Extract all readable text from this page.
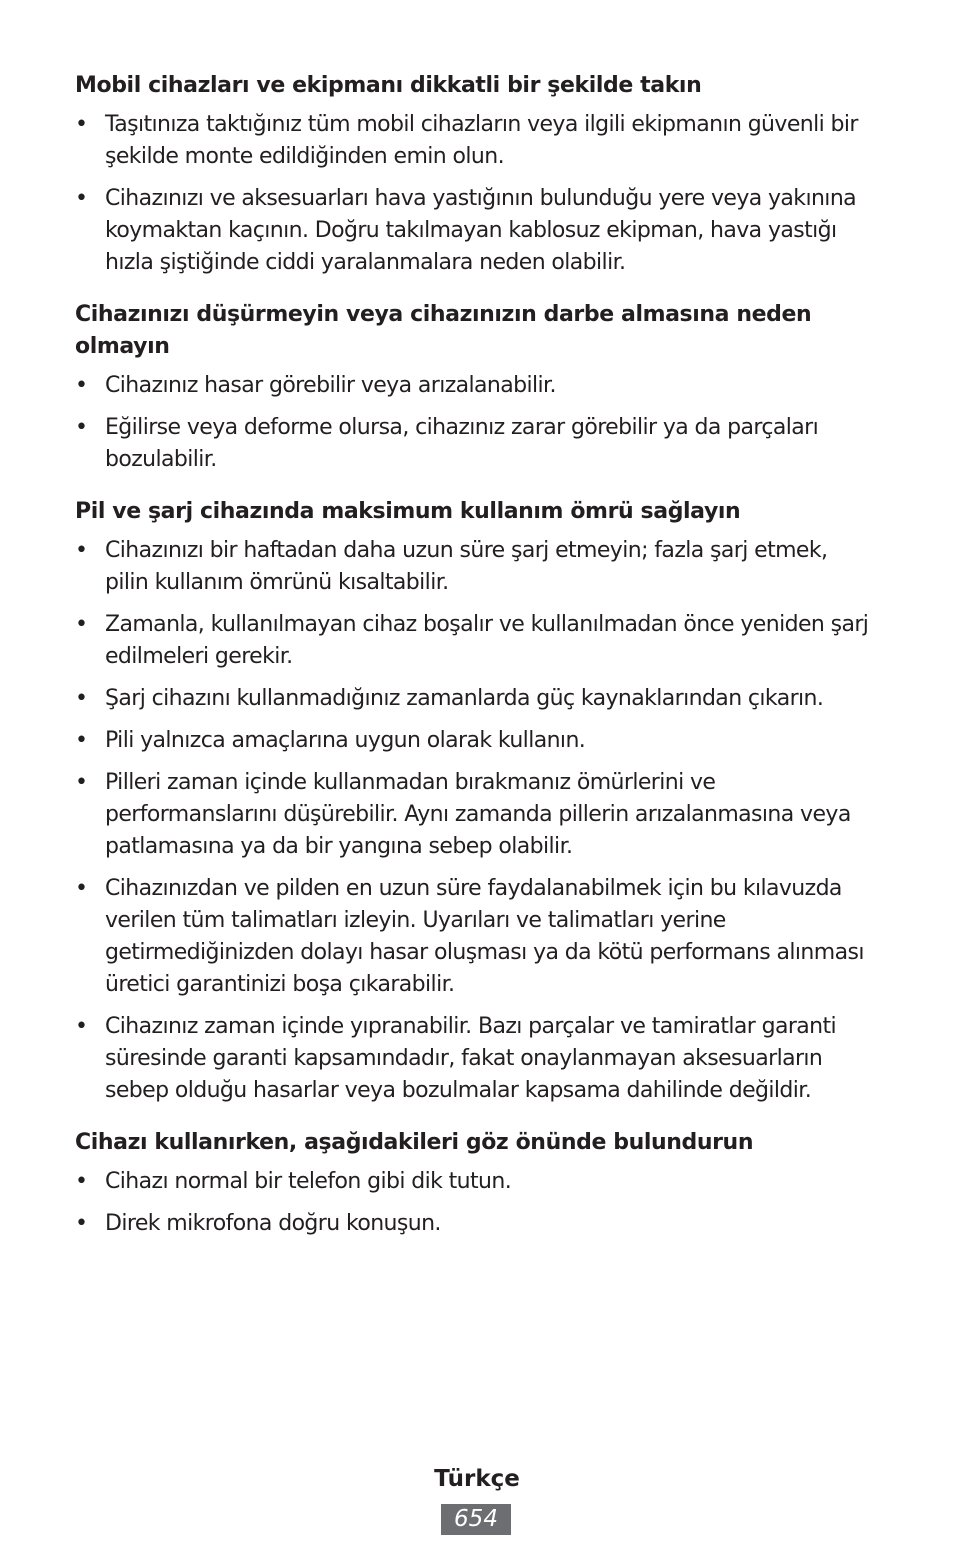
Mobil cihazları ve ekipmanı dikkatli bir şekilde takın
• Taşıtınıza taktığınız tüm mobil cihazların veya ilgili ekipmanın güvenli bir şekilde monte edildiğinden emin olun.
• Cihazınızı ve aksesuarları hava yastığının bulunduğu yere veya yakınına koymaktan kaçının. Doğru takılmayan kablosuz ekipman, hava yastığı hızla şiştiğinde ciddi yaralanmalara neden olabilir.
Cihazınızı düşürmeyin veya cihazınızın darbe almasına neden olmayın
• Cihazınız hasar görebilir veya arızalanabilir.
• Eğilirse veya deforme olursa, cihazınız zarar görebilir ya da parçaları bozulabilir.
Pil ve şarj cihazında maksimum kullanım ömrü sağlayın
• Cihazınızı bir haftadan daha uzun süre şarj etmeyin; fazla şarj etmek, pilin kullanım ömrünü kısaltabilir.
• Zamanla, kullanılmayan cihaz boşalır ve kullanılmadan önce yeniden şarj edilmeleri gerekir.
• Şarj cihazını kullanmadığınız zamanlarda güç kaynaklarından çıkarın.
• Pili yalnızca amaçlarına uygun olarak kullanın.
• Pilleri zaman içinde kullanmadan bırakmanız ömürlerini ve performanslarını düşürebilir. Aynı zamanda pillerin arızalanmasına veya patlamasına ya da bir yangına sebep olabilir.
• Cihazınızdan ve pilden en uzun süre faydalanabilmek için bu kılavuzda verilen tüm talimatları izleyin. Uyarıları ve talimatları yerine getirmediğinizden dolayı hasar oluşması ya da kötü performans alınması üretici garantinizi boşa çıkarabilir.
• Cihazınız zaman içinde yıpranabilir. Bazı parçalar ve tamiratlar garanti süresinde garanti kapsamındadır, fakat onaylanmayan aksesuarların sebep olduğu hasarlar veya bozulmalar kapsama dahilinde değildir.
Cihazı kullanırken, aşağıdakileri göz önünde bulundurun
• Cihazı normal bir telefon gibi dik tutun.
• Direk mikrofona doğru konuşun.
Türkçe
654
